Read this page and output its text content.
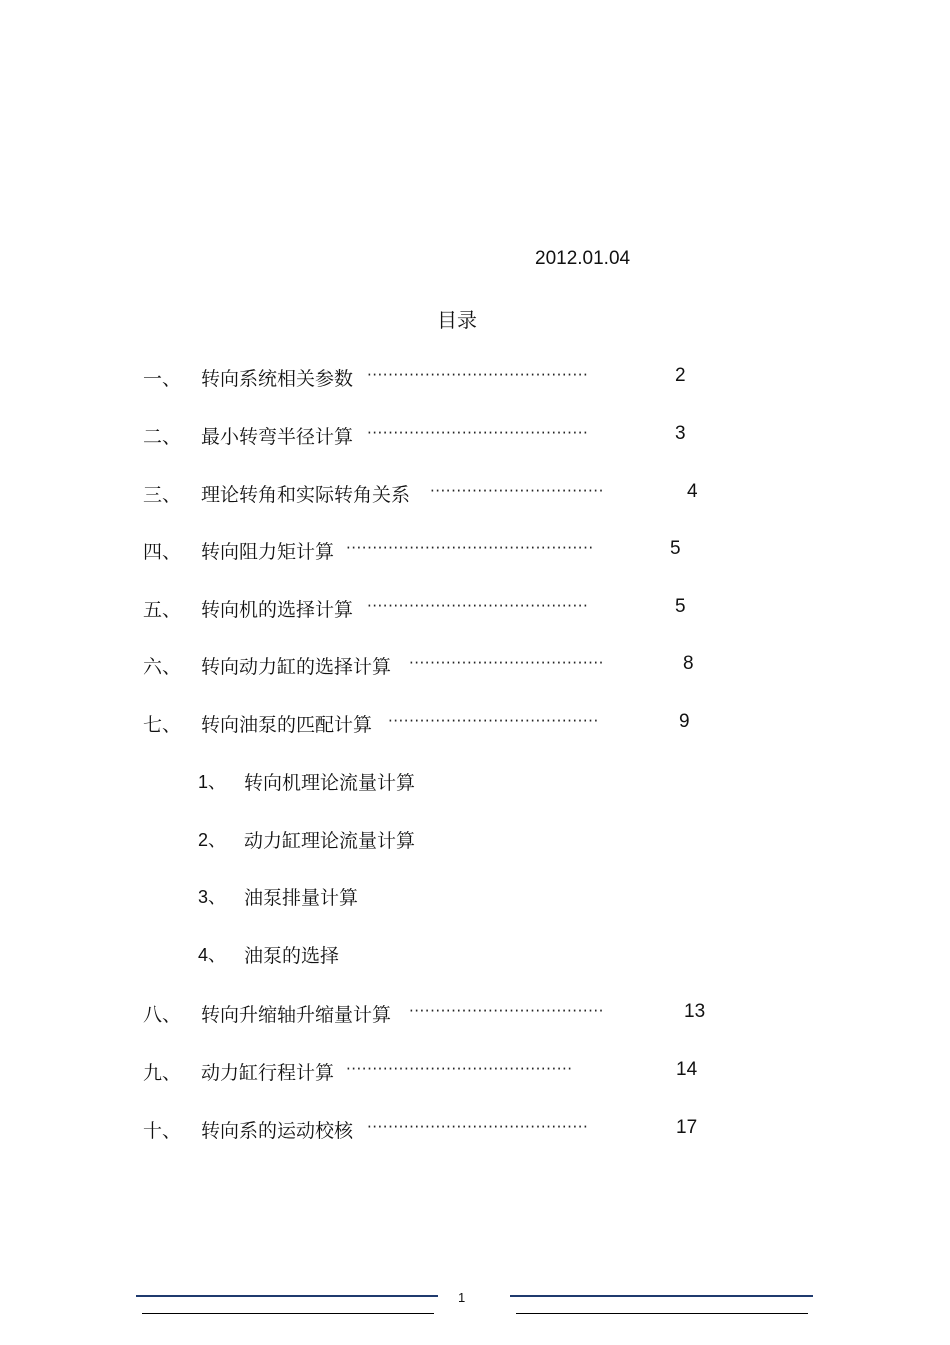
2012.01.04
目录
一、 转向系统相关参数 ··········································	2
二、 最小转弯半径计算 ··········································	3
三、 理论转角和实际转角关系 ·································	4
四、 转向阻力矩计算 ···············································	5
五、 转向机的选择计算 ··········································	5
六、 转向动力缸的选择计算 ·····································	8
七、 转向油泵的匹配计算 ········································	9
1、 转向机理论流量计算
2、 动力缸理论流量计算
3、 油泵排量计算
4、 油泵的选择
八、 转向升缩轴升缩量计算 ·····································	13
九、 动力缸行程计算 ···········································	14
十、 转向系的运动校核 ··········································	17
1
